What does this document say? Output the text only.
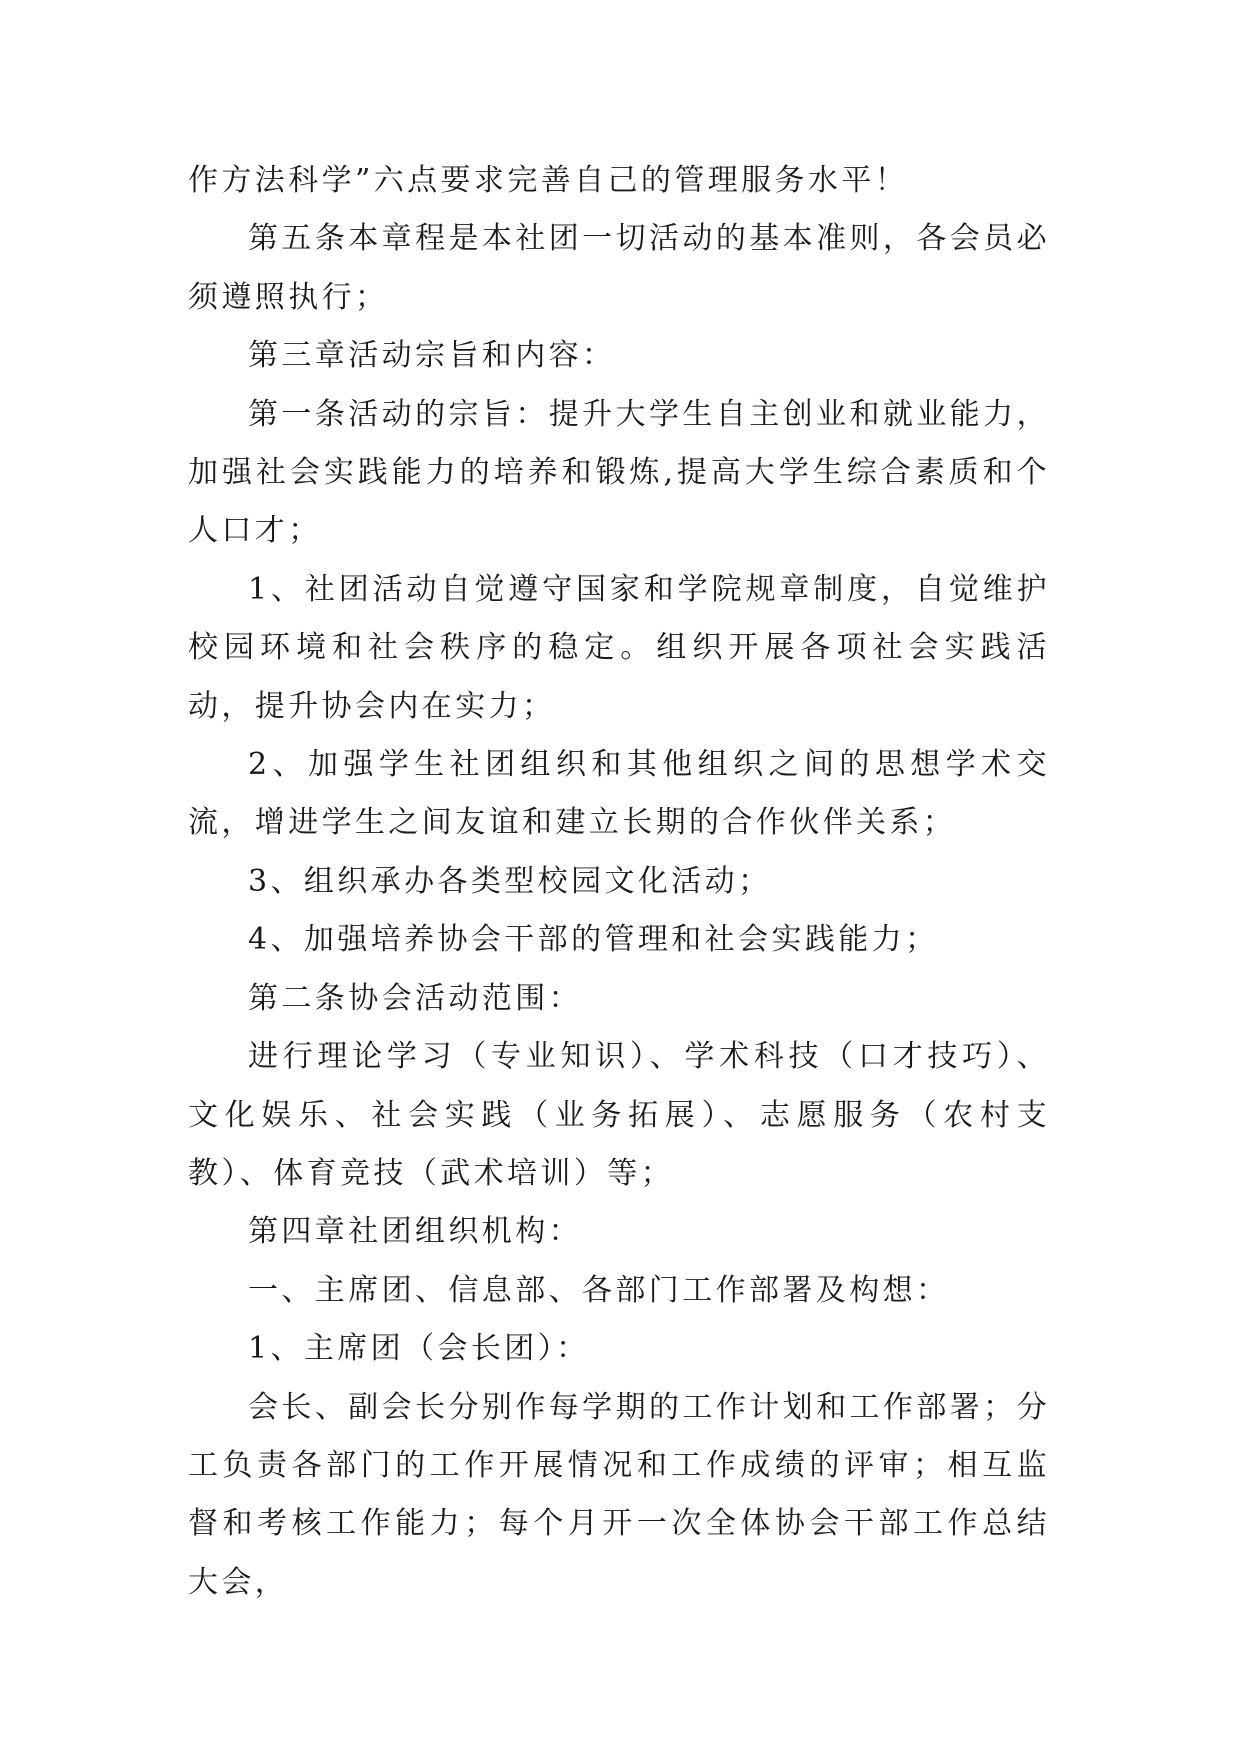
作方法科学”六点要求完善自己的管理服务水平！

第五条本章程是本社团一切活动的基本准则，各会员必须遵照执行；

第三章活动宗旨和内容：

第一条活动的宗旨：提升大学生自主创业和就业能力，加强社会实践能力的培养和锻炼,提高大学生综合素质和个人口才；

1、社团活动自觉遵守国家和学院规章制度，自觉维护校园环境和社会秩序的稳定。组织开展各项社会实践活动，提升协会内在实力；

2、加强学生社团组织和其他组织之间的思想学术交流，增进学生之间友谊和建立长期的合作伙伴关系；

3、组织承办各类型校园文化活动；

4、加强培养协会干部的管理和社会实践能力；

第二条协会活动范围：

进行理论学习（专业知识）、学术科技（口才技巧）、文化娱乐、社会实践（业务拓展）、志愿服务（农村支教）、体育竞技（武术培训）等；

第四章社团组织机构：

一、主席团、信息部、各部门工作部署及构想：

1、主席团（会长团）：

会长、副会长分别作每学期的工作计划和工作部署；分工负责各部门的工作开展情况和工作成绩的评审；相互监督和考核工作能力；每个月开一次全体协会干部工作总结大会，
